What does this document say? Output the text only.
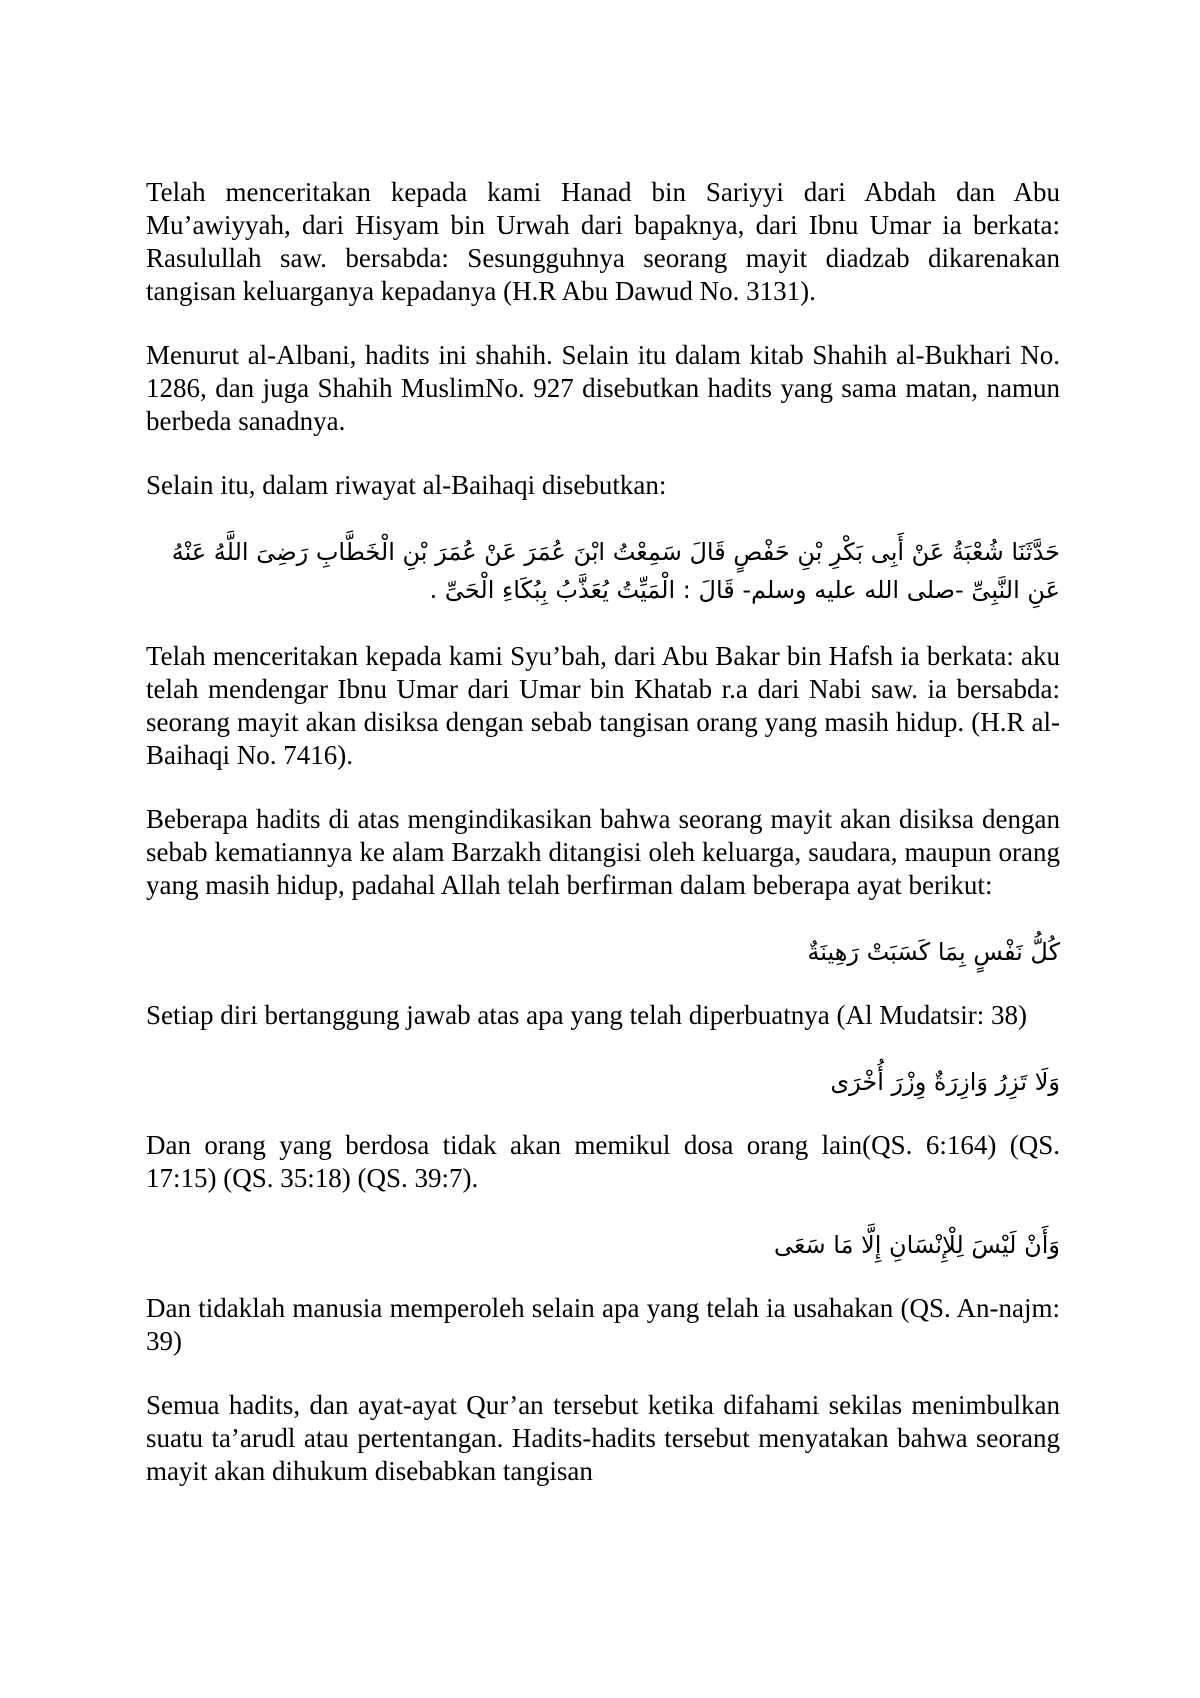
Telah menceritakan kepada kami Hanad bin Sariyyi dari Abdah dan Abu Mu’awiyyah, dari Hisyam bin Urwah dari bapaknya, dari Ibnu Umar ia berkata: Rasulullah saw. bersabda: Sesungguhnya seorang mayit diadzab dikarenakan tangisan keluarganya kepadanya (H.R Abu Dawud No. 3131).

Menurut al-Albani, hadits ini shahih. Selain itu dalam kitab Shahih al-Bukhari No. 1286, dan juga Shahih MuslimNo. 927 disebutkan hadits yang sama matan, namun berbeda sanadnya.

Selain itu, dalam riwayat al-Baihaqi disebutkan:

حَدَّثَنَا شُعْبَةُ عَنْ أَبِى بَكْرِ بْنِ حَفْصٍ قَالَ سَمِعْتُ ابْنَ عُمَرَ عَنْ عُمَرَ بْنِ الْخَطَّابِ رَضِىَ اللَّهُ عَنْهُ عَنِ النَّبِىِّ -صلى الله عليه وسلم- قَالَ : الْمَيِّتُ يُعَذَّبُ بِبُكَاءِ الْحَىِّ .

Telah menceritakan kepada kami Syu’bah, dari Abu Bakar bin Hafsh ia berkata: aku telah mendengar Ibnu Umar dari Umar bin Khatab r.a dari Nabi saw. ia bersabda: seorang mayit akan disiksa dengan sebab tangisan orang yang masih hidup. (H.R al-Baihaqi No. 7416).

Beberapa hadits di atas mengindikasikan bahwa seorang mayit akan disiksa dengan sebab kematiannya ke alam Barzakh ditangisi oleh keluarga, saudara, maupun orang yang masih hidup, padahal Allah telah berfirman dalam beberapa ayat berikut:

كُلُّ نَفْسٍ بِمَا كَسَبَتْ رَهِينَةٌ

Setiap diri bertanggung jawab atas apa yang telah diperbuatnya (Al Mudatsir: 38)

وَلَا تَزِرُ وَازِرَةٌ وِزْرَ أُخْرَى

Dan orang yang berdosa tidak akan memikul dosa orang lain(QS. 6:164) (QS. 17:15) (QS. 35:18) (QS. 39:7).

وَأَنْ لَيْسَ لِلْإِنْسَانِ إِلَّا مَا سَعَى

Dan tidaklah manusia memperoleh selain apa yang telah ia usahakan (QS. An-najm: 39)

Semua hadits, dan ayat-ayat Qur’an tersebut ketika difahami sekilas menimbulkan suatu ta’arudl atau pertentangan. Hadits-hadits tersebut menyatakan bahwa seorang mayit akan dihukum disebabkan tangisan
